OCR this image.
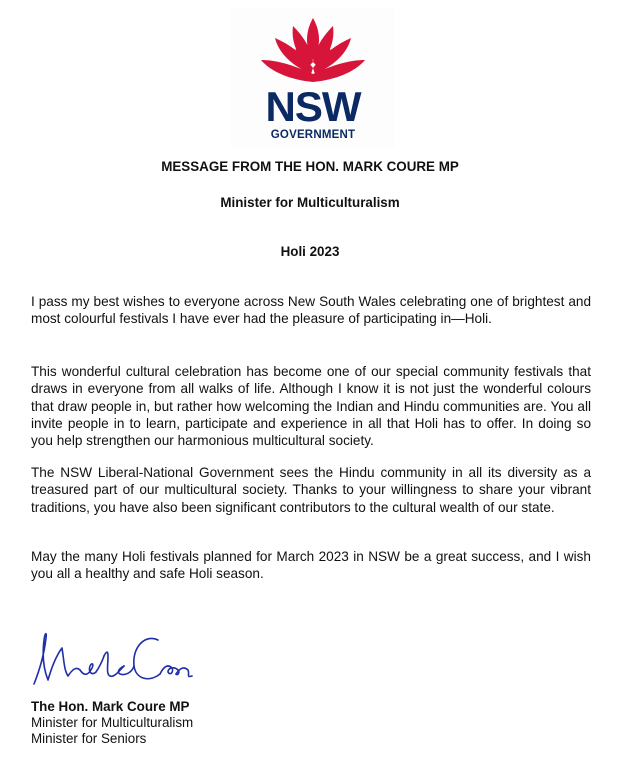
NSW
GOVERNMENT
MESSAGE FROM THE HON. MARK COURE MP
Minister for Multiculturalism
Holi 2023

I pass my best wishes to everyone across New South Wales celebrating one of brightest and most colourful festivals I have ever had the pleasure of participating in—Holi.

This wonderful cultural celebration has become one of our special community festivals that draws in everyone from all walks of life. Although I know it is not just the wonderful colours that draw people in, but rather how welcoming the Indian and Hindu communities are. You all invite people in to learn, participate and experience in all that Holi has to offer. In doing so you help strengthen our harmonious multicultural society.

The NSW Liberal-National Government sees the Hindu community in all its diversity as a treasured part of our multicultural society. Thanks to your willingness to share your vibrant traditions, you have also been significant contributors to the cultural wealth of our state.

May the many Holi festivals planned for March 2023 in NSW be a great success, and I wish you all a healthy and safe Holi season.

The Hon. Mark Coure MP
Minister for Multiculturalism
Minister for Seniors
